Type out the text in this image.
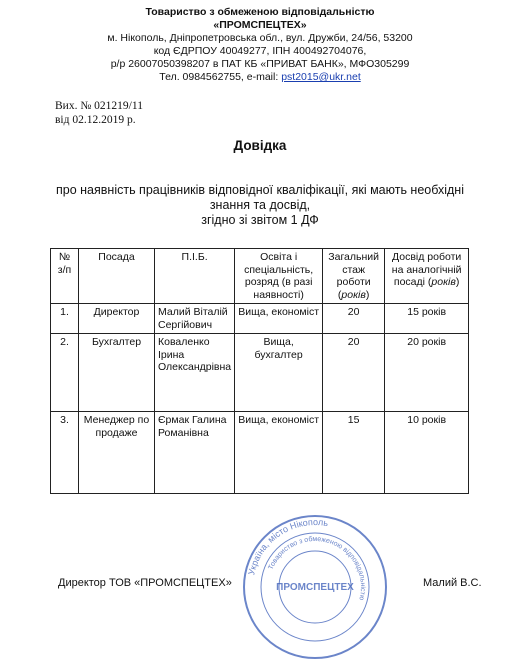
Товариство з обмеженою відповідальністю
«ПРОМСПЕЦТЕХ»
м. Нікополь, Дніпропетровська обл., вул. Дружби, 24/56, 53200
код ЄДРПОУ 40049277, ІПН 400492704076,
р/р 26007050398207 в ПАТ КБ «ПРИВАТ БАНК», МФО305299
Тел. 0984562755, e-mail: pst2015@ukr.net
Вих. № 021219/11
від 02.12.2019 р.
Довідка
про наявність працівників відповідної кваліфікації, які мають необхідні
знання та досвід,
згідно зі звітом 1 ДФ
№ з/п	Посада	П.І.Б.	Освіта і спеціальність, розряд (в разі наявності)	Загальний стаж роботи (років)	Досвід роботи на аналогічній посаді (років)
1.	Директор	Малий Віталій Сергійович	Вища, економіст	20	15 років
2.	Бухгалтер	Коваленко Ірина Олександрівна	Вища, бухгалтер	20	20 років
3.	Менеджер по продаже	Єрмак Галина Романівна	Вища, економіст	15	10 років
Україна, місто Нікополь
Товариство з обмеженою відповідальністю
ПРОМСПЕЦТЕХ
Директор ТОВ «ПРОМСПЕЦТЕХ»	Малий В.С.
